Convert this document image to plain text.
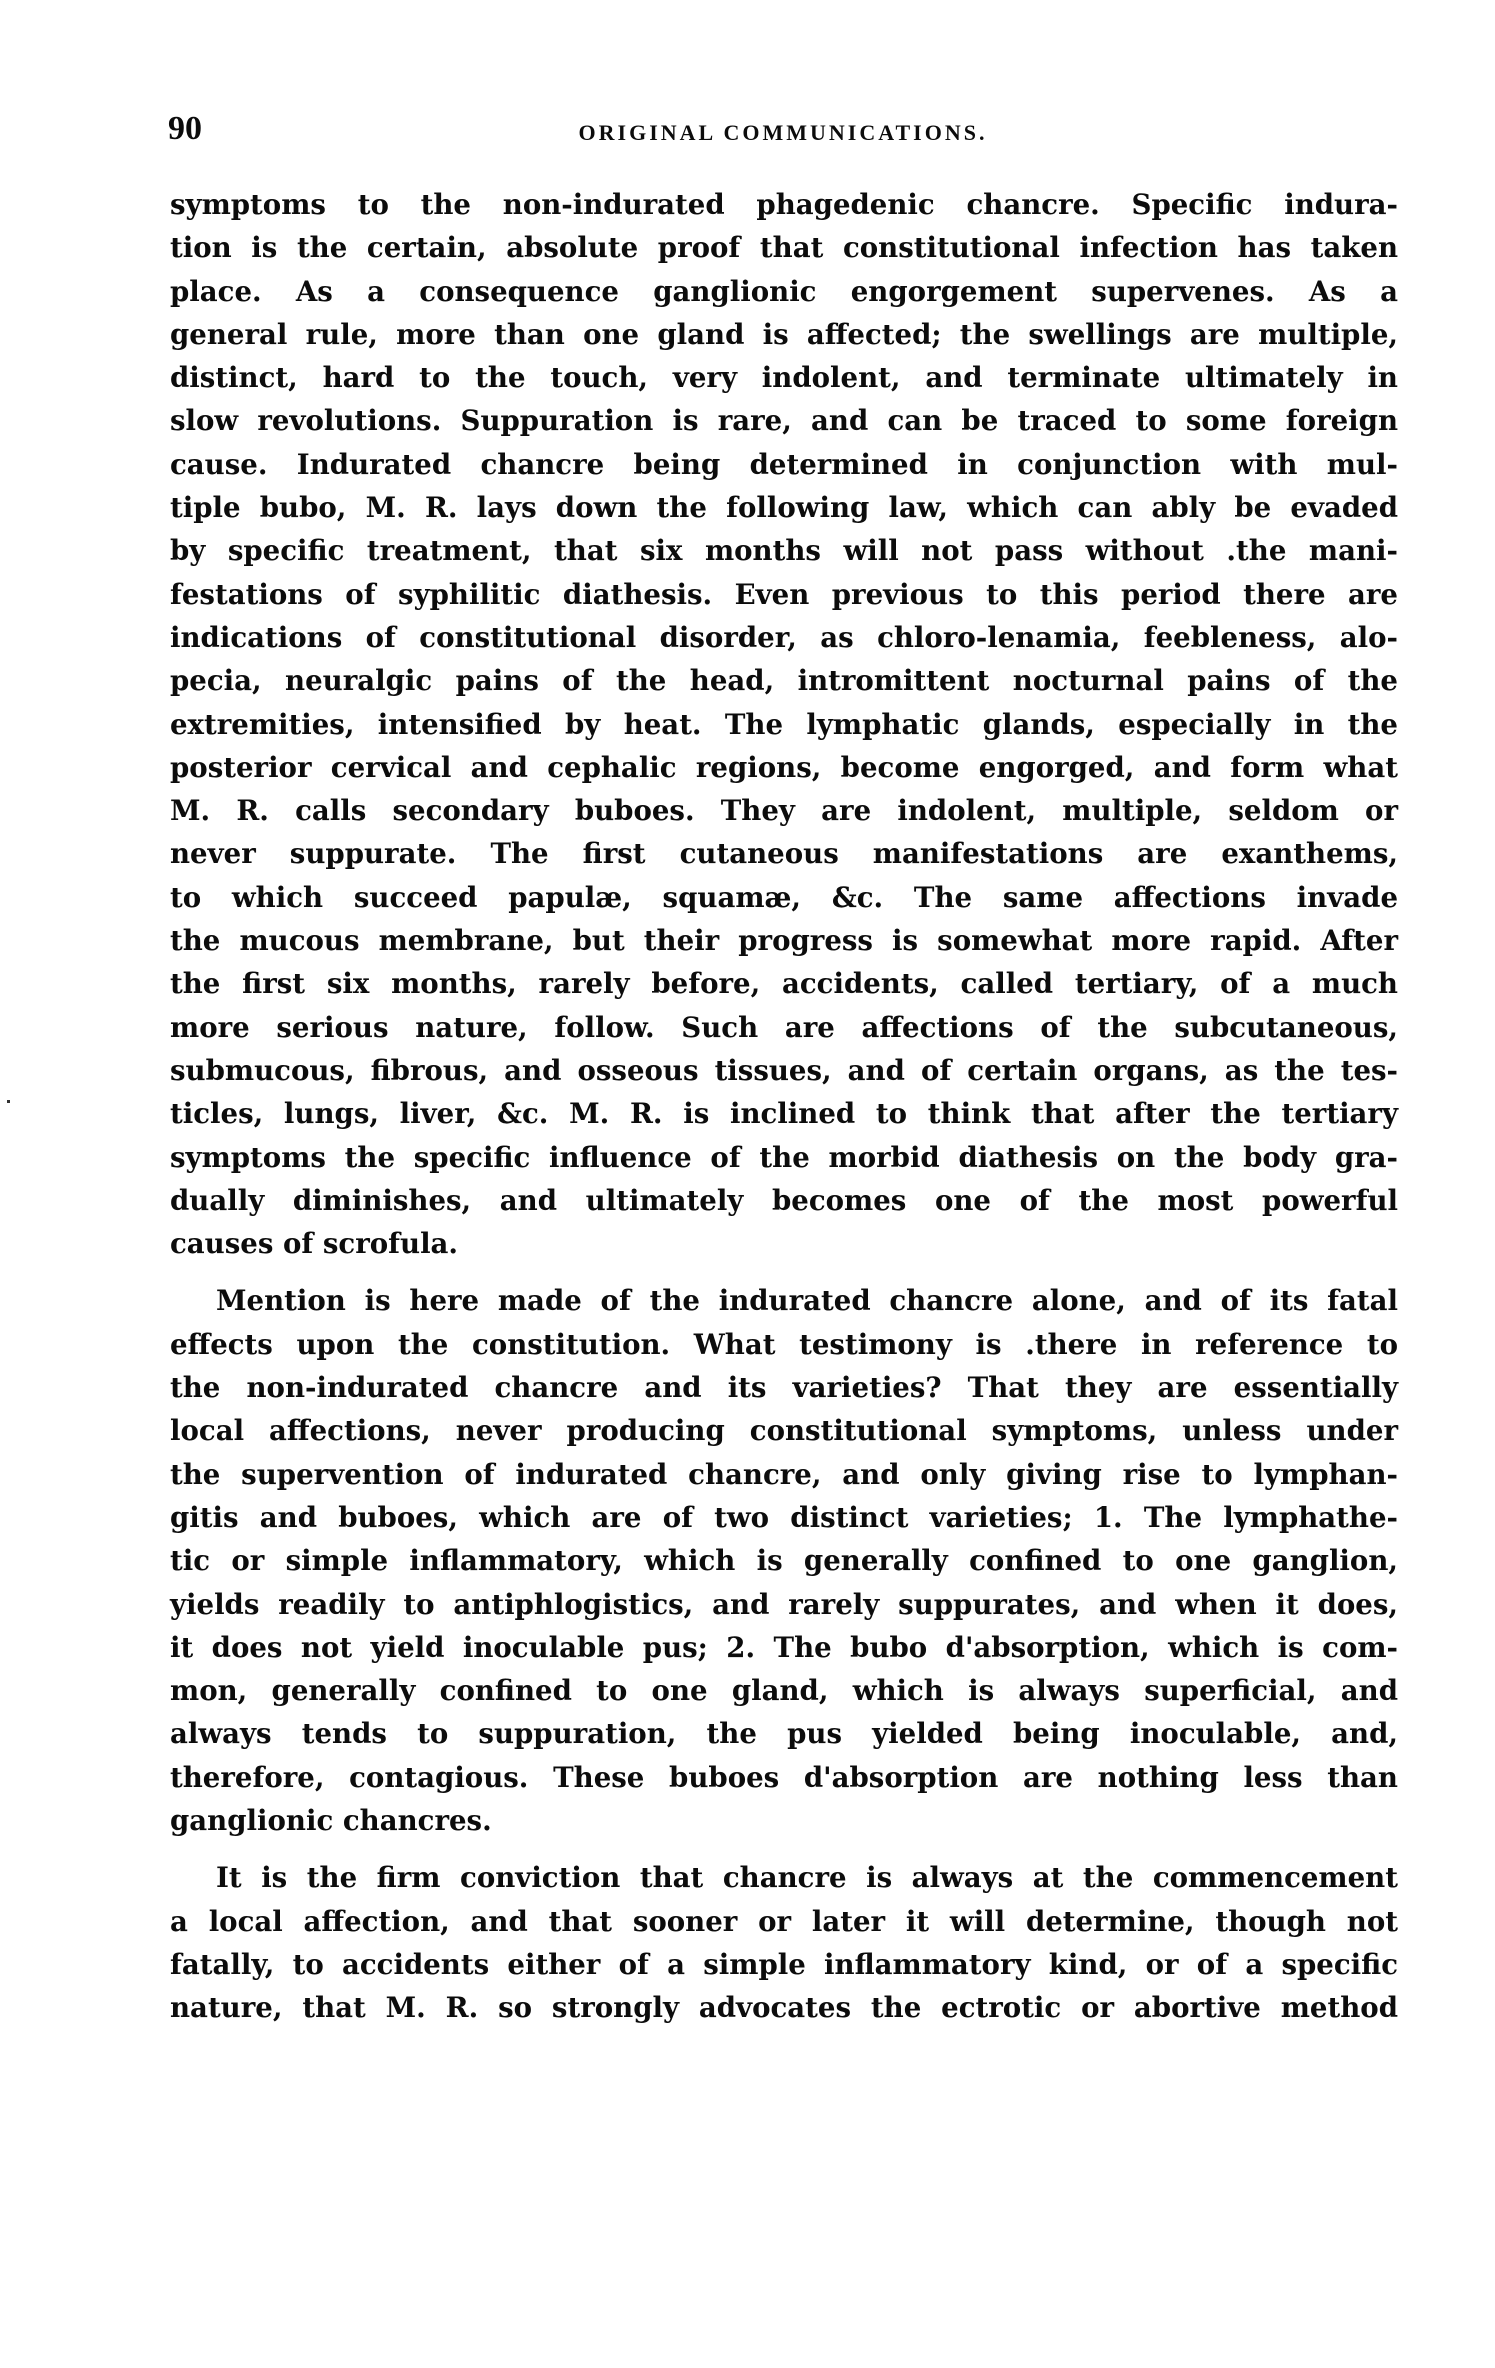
90	ORIGINAL COMMUNICATIONS.

symptoms to the non-indurated phagedenic chancre. Specific indura-
tion is the certain, absolute proof that constitutional infection has taken
place. As a consequence ganglionic engorgement supervenes. As a
general rule, more than one gland is affected; the swellings are multiple,
distinct, hard to the touch, very indolent, and terminate ultimately in
slow revolutions. Suppuration is rare, and can be traced to some foreign
cause. Indurated chancre being determined in conjunction with mul-
tiple bubo, M. R. lays down the following law, which can ably be evaded
by specific treatment, that six months will not pass without .the mani-
festations of syphilitic diathesis. Even previous to this period there are
indications of constitutional disorder, as chloro-lenamia, feebleness, alo-
pecia, neuralgic pains of the head, intromittent nocturnal pains of the
extremities, intensified by heat. The lymphatic glands, especially in the
posterior cervical and cephalic regions, become engorged, and form what
M. R. calls secondary buboes. They are indolent, multiple, seldom or
never suppurate. The first cutaneous manifestations are exanthems,
to which succeed papulæ, squamæ, &c. The same affections invade
the mucous membrane, but their progress is somewhat more rapid. After
the first six months, rarely before, accidents, called tertiary, of a much
more serious nature, follow. Such are affections of the subcutaneous,
submucous, fibrous, and osseous tissues, and of certain organs, as the tes-
ticles, lungs, liver, &c. M. R. is inclined to think that after the tertiary
symptoms the specific influence of the morbid diathesis on the body gra-
dually diminishes, and ultimately becomes one of the most powerful
causes of scrofula.

Mention is here made of the indurated chancre alone, and of its fatal
effects upon the constitution. What testimony is .there in reference to
the non-indurated chancre and its varieties? That they are essentially
local affections, never producing constitutional symptoms, unless under
the supervention of indurated chancre, and only giving rise to lymphan-
gitis and buboes, which are of two distinct varieties; 1. The lymphathe-
tic or simple inflammatory, which is generally confined to one ganglion,
yields readily to antiphlogistics, and rarely suppurates, and when it does,
it does not yield inoculable pus; 2. The bubo d'absorption, which is com-
mon, generally confined to one gland, which is always superficial, and
always tends to suppuration, the pus yielded being inoculable, and,
therefore, contagious. These buboes d'absorption are nothing less than
ganglionic chancres.

It is the firm conviction that chancre is always at the commencement
a local affection, and that sooner or later it will determine, though not
fatally, to accidents either of a simple inflammatory kind, or of a specific
nature, that M. R. so strongly advocates the ectrotic or abortive method
